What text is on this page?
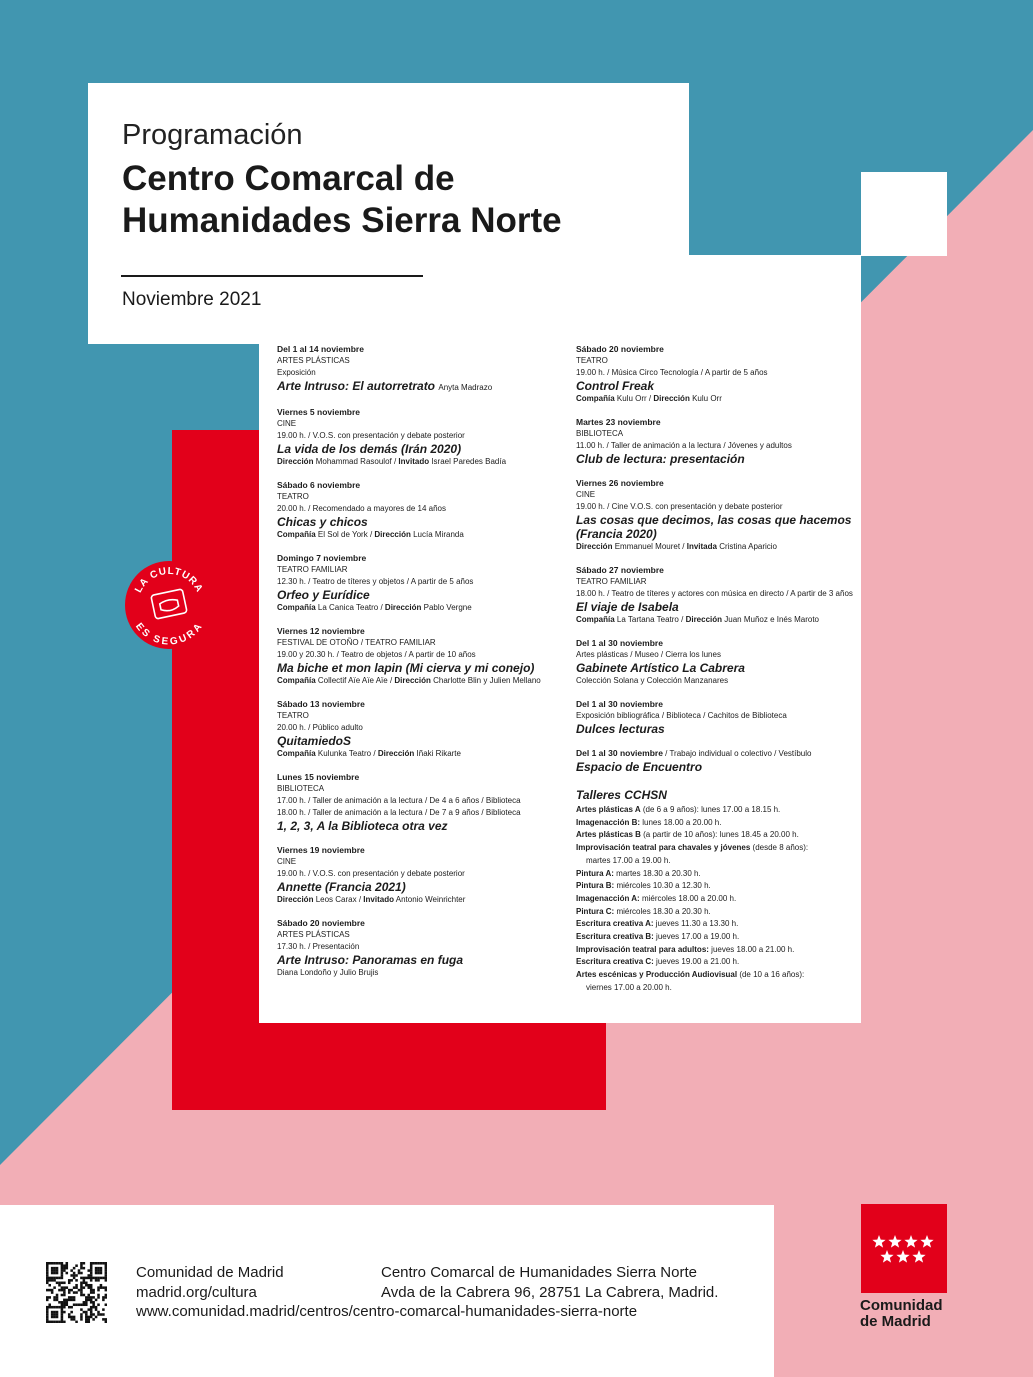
Programación

Centro Comarcal de Humanidades Sierra Norte

Noviembre 2021

Del 1 al 14 noviembre
ARTES PLÁSTICAS
Exposición
Arte Intruso: El autorretrato Anyta Madrazo
Viernes 5 noviembre
CINE
19.00 h. / V.O.S. con presentación y debate posterior
La vida de los demás (Irán 2020)
Dirección Mohammad Rasoulof / Invitado Israel Paredes Badía
Sábado 6 noviembre
TEATRO
20.00 h. / Recomendado a mayores de 14 años
Chicas y chicos
Compañía El Sol de York / Dirección Lucía Miranda
Domingo 7 noviembre
TEATRO FAMILIAR
12.30 h. / Teatro de títeres y objetos / A partir de 5 años
Orfeo y Eurídice
Compañía La Canica Teatro / Dirección Pablo Vergne
Viernes 12 noviembre
FESTIVAL DE OTOÑO / TEATRO FAMILIAR
19.00 y 20.30 h. / Teatro de objetos / A partir de 10 años
Ma biche et mon lapin (Mi cierva y mi conejo)
Compañía Collectif Aïe Aïe Aïe / Dirección Charlotte Blin y Julien Mellano
Sábado 13 noviembre
TEATRO
20.00 h. / Público adulto
QuitamiedoS
Compañía Kulunka Teatro / Dirección Iñaki Rikarte
Lunes 15 noviembre
BIBLIOTECA
17.00 h. / Taller de animación a la lectura / De 4 a 6 años / Biblioteca
18.00 h. / Taller de animación a la lectura / De 7 a 9 años / Biblioteca
1, 2, 3, A la Biblioteca otra vez
Viernes 19 noviembre
CINE
19.00 h. / V.O.S. con presentación y debate posterior
Annette (Francia 2021)
Dirección Leos Carax / Invitado Antonio Weinrichter
Sábado 20 noviembre
ARTES PLÁSTICAS
17.30 h. / Presentación
Arte Intruso: Panoramas en fuga
Diana Londoño y Julio Brujis
Sábado 20 noviembre
TEATRO
19.00 h. / Música Circo Tecnología / A partir de 5 años
Control Freak
Compañía Kulu Orr / Dirección Kulu Orr
Martes 23 noviembre
BIBLIOTECA
11.00 h. / Taller de animación a la lectura / Jóvenes y adultos
Club de lectura: presentación
Viernes 26 noviembre
CINE
19.00 h. / Cine V.O.S. con presentación y debate posterior
Las cosas que decimos, las cosas que hacemos (Francia 2020)
Dirección Emmanuel Mouret / Invitada Cristina Aparicio
Sábado 27 noviembre
TEATRO FAMILIAR
18.00 h. / Teatro de títeres y actores con música en directo / A partir de 3 años
El viaje de Isabela
Compañía La Tartana Teatro / Dirección Juan Muñoz e Inés Maroto
Del 1 al 30 noviembre
Artes plásticas / Museo / Cierra los lunes
Gabinete Artístico La Cabrera
Colección Solana y Colección Manzanares
Del 1 al 30 noviembre
Exposición bibliográfica / Biblioteca / Cachitos de Biblioteca
Dulces lecturas
Del 1 al 30 noviembre / Trabajo individual o colectivo / Vestíbulo
Espacio de Encuentro
Talleres CCHSN
Artes plásticas A (de 6 a 9 años): lunes 17.00 a 18.15 h.
Imagenacción B: lunes 18.00 a 20.00 h.
Artes plásticas B (a partir de 10 años): lunes 18.45 a 20.00 h.
Improvisación teatral para chavales y jóvenes (desde 8 años):
martes 17.00 a 19.00 h.
Pintura A: martes 18.30 a 20.30 h.
Pintura B: miércoles 10.30 a 12.30 h.
Imagenacción A: miércoles 18.00 a 20.00 h.
Pintura C: miércoles 18.30 a 20.30 h.
Escritura creativa A: jueves 11.30 a 13.30 h.
Escritura creativa B: jueves 17.00 a 19.00 h.
Improvisación teatral para adultos: jueves 18.00 a 21.00 h.
Escritura creativa C: jueves 19.00 a 21.00 h.
Artes escénicas y Producción Audiovisual (de 10 a 16 años):
viernes 17.00 a 20.00 h.
LA CULTURA
ES SEGURA

Comunidad de Madrid

madrid.org/cultura

www.comunidad.madrid/centros/centro-comarcal-humanidades-sierra-norte

Centro Comarcal de Humanidades Sierra Norte

Avda de la Cabrera 96, 28751 La Cabrera, Madrid.

Comunidad
de Madrid
